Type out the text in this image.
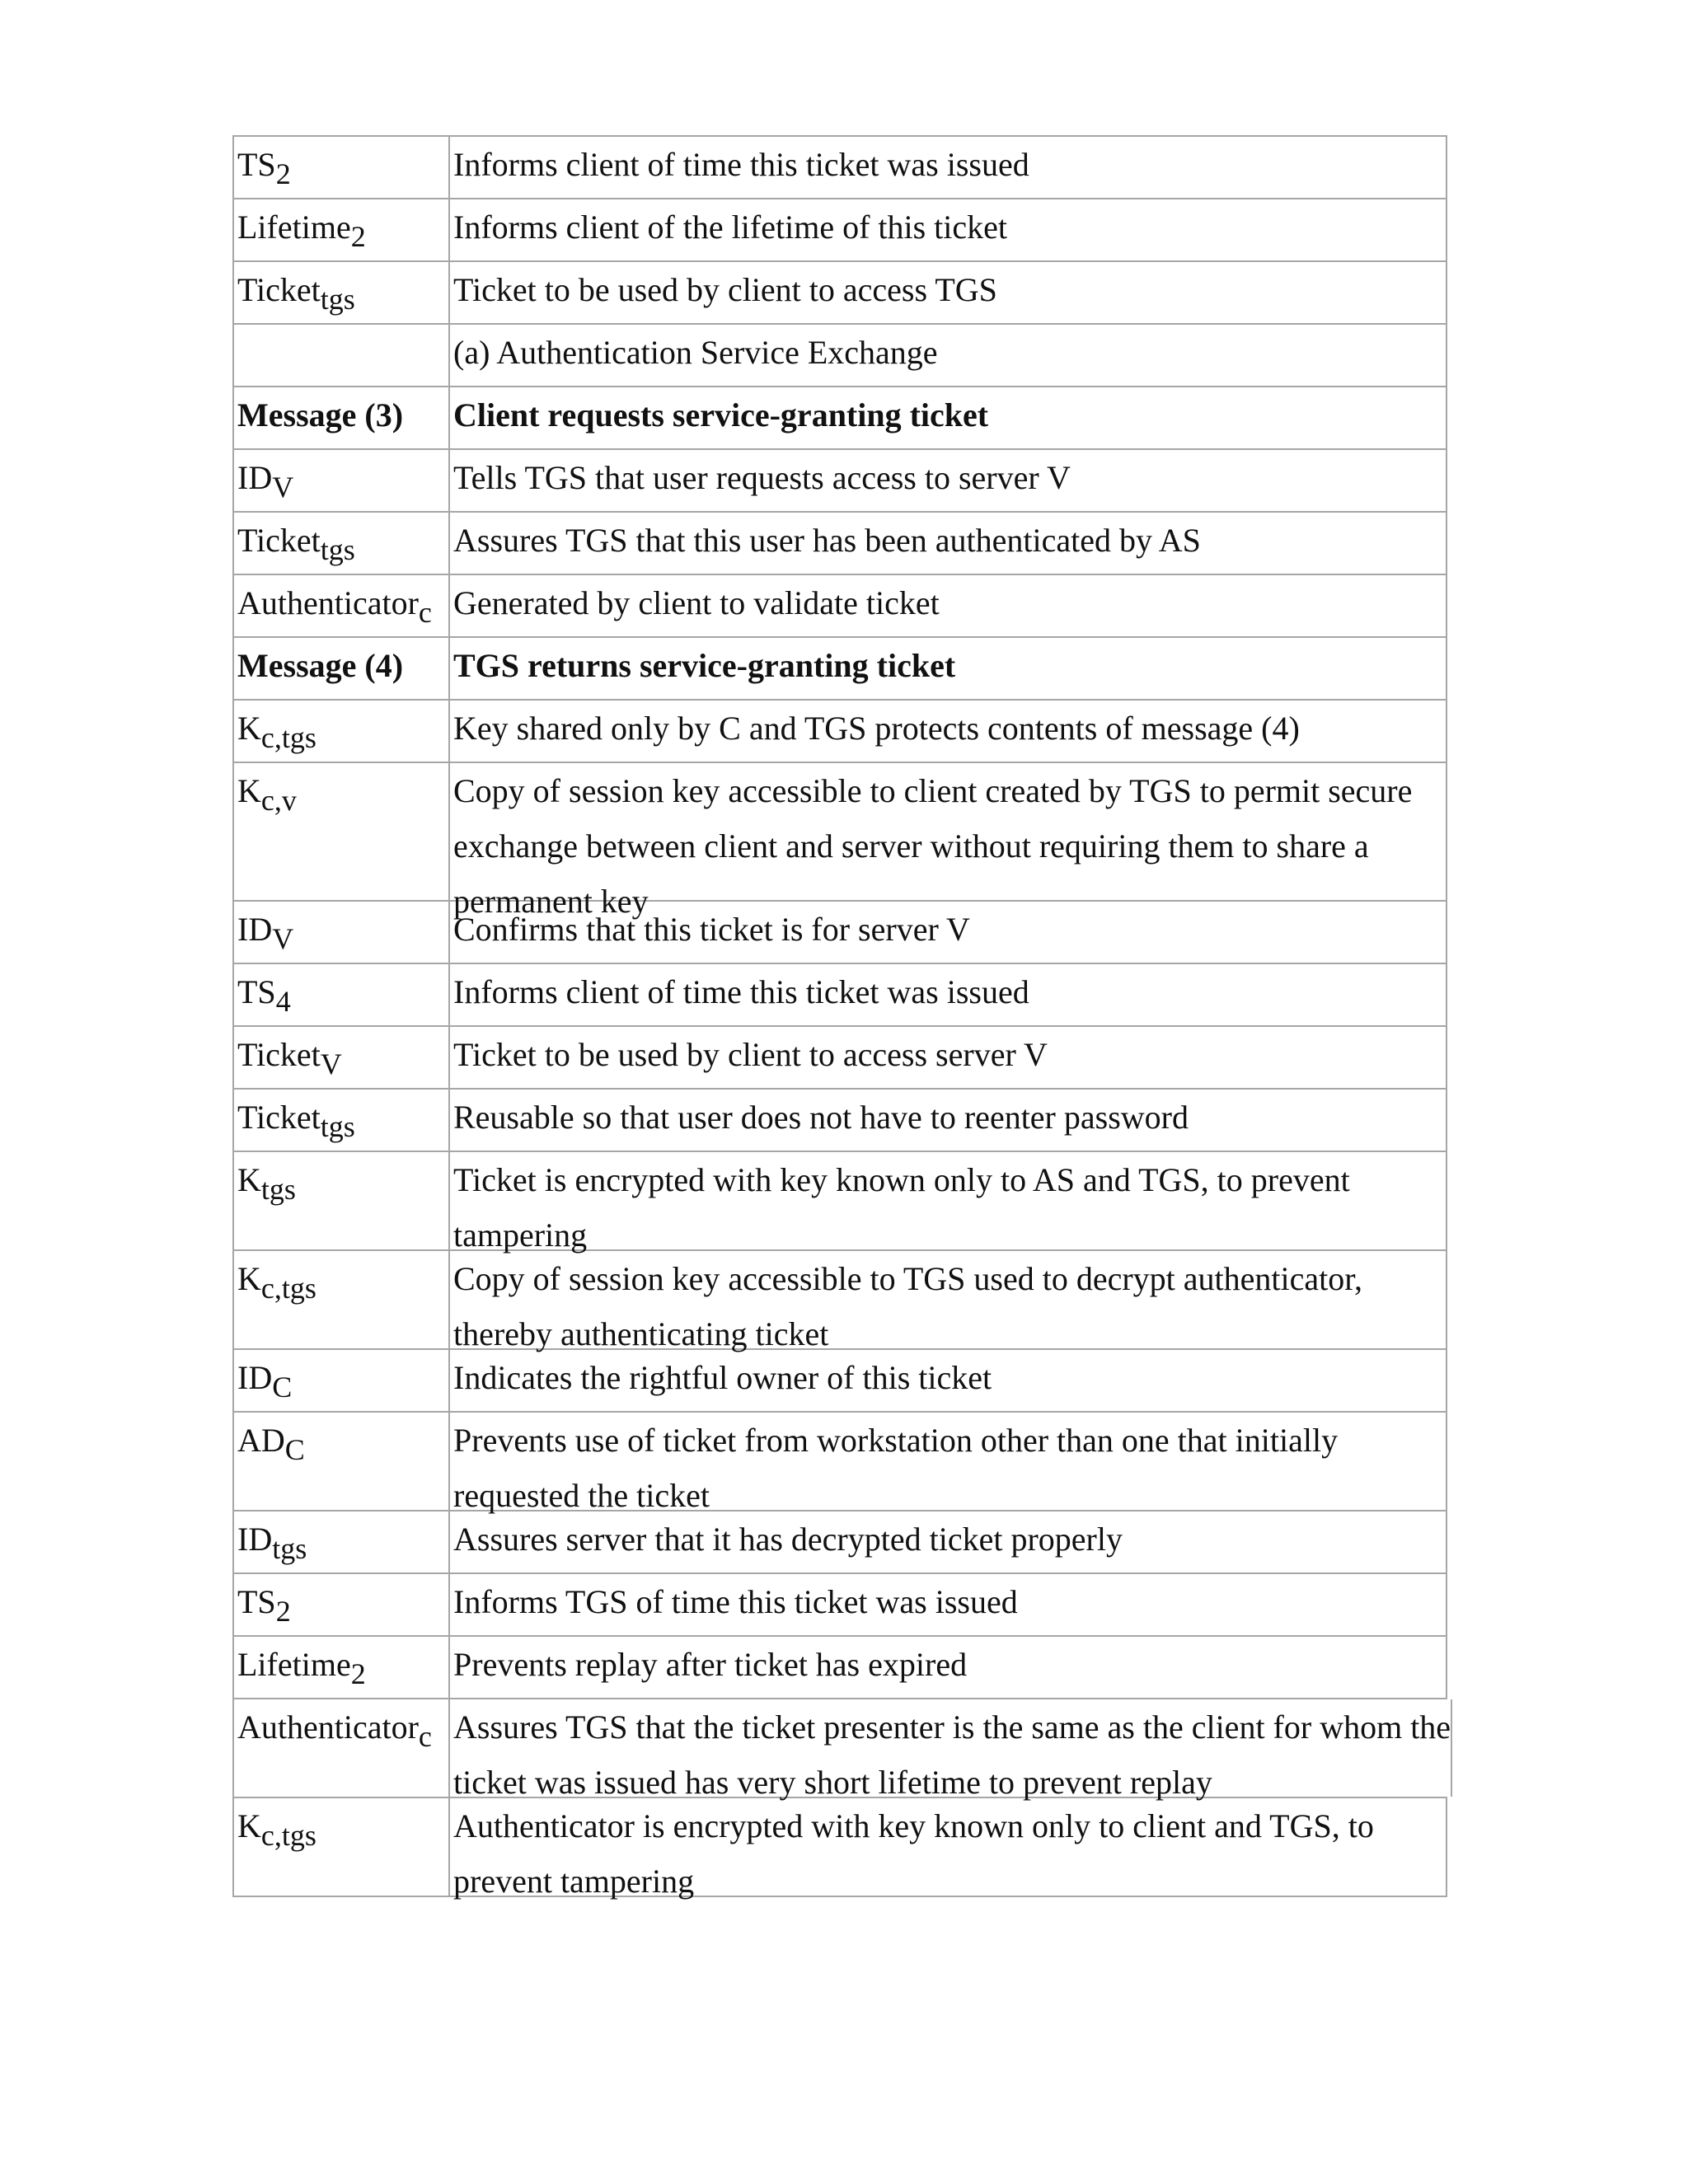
TS2	Informs client of time this ticket was issued

Lifetime2	Informs client of the lifetime of this ticket

Tickettgs	Ticket to be used by client to access TGS

(a) Authentication Service Exchange

Message (3)	Client requests service-granting ticket

IDV	Tells TGS that user requests access to server V

Tickettgs	Assures TGS that this user has been authenticated by AS

Authenticatorc Generated by client to validate ticket

Message (4)	TGS returns service-granting ticket

Kc,tgs	Key shared only by C and TGS protects contents of message (4)

Kc,v	Copy of session key accessible to client created by TGS to permit secure
exchange between client and server without requiring them to share a
permanent key

IDV	Confirms that this ticket is for server V

TS4	Informs client of time this ticket was issued

TicketV	Ticket to be used by client to access server V

Tickettgs	Reusable so that user does not have to reenter password

Ktgs	Ticket is encrypted with key known only to AS and TGS, to prevent
tampering

Kc,tgs	Copy of session key accessible to TGS used to decrypt authenticator,
thereby authenticating ticket

IDC	Indicates the rightful owner of this ticket

ADC	Prevents use of ticket from workstation other than one that initially
requested the ticket

IDtgs	Assures server that it has decrypted ticket properly

TS2	Informs TGS of time this ticket was issued

Lifetime2	Prevents replay after ticket has expired

Authenticatorc Assures TGS that the ticket presenter is the same as the client for whom the
ticket was issued has very short lifetime to prevent replay

Kc,tgs	Authenticator is encrypted with key known only to client and TGS, to
prevent tampering
